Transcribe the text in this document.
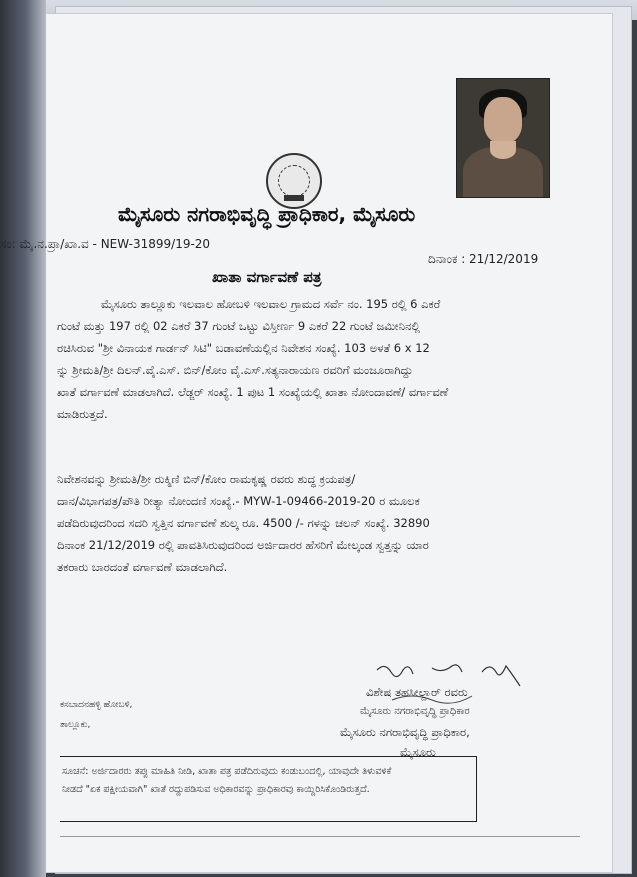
ಮೈಸೂರು ನಗರಾಭಿವೃದ್ಧಿ ಪ್ರಾಧಿಕಾರ, ಮೈಸೂರು
ಸಂ: ಮೈ.ನ.ಪ್ರಾ/ಖಾ.ವ - NEW-31899/19-20
ದಿನಾಂಕ : 21/12/2019
ಖಾತಾ ವರ್ಗಾವಣೆ ಪತ್ರ
ಮೈಸೂರು ತಾಲ್ಲೂಕು ಇಲವಾಲ ಹೋಬಳಿ ಇಲವಾಲ ಗ್ರಾಮದ ಸರ್ವೆ ನಂ. 195 ರಲ್ಲಿ 6 ಎಕರೆ
ಗುಂಟೆ ಮತ್ತು 197 ರಲ್ಲಿ 02 ಎಕರೆ 37 ಗುಂಟೆ ಒಟ್ಟು ವಿಸ್ತೀರ್ಣ 9 ಎಕರೆ 22 ಗುಂಟೆ ಜಮೀನಿನಲ್ಲಿ
ರಚಿಸಿರುವ "ಶ್ರೀ ವಿನಾಯಕ ಗಾರ್ಡನ್ ಸಿಟಿ" ಬಡಾವಣೆಯಲ್ಲಿನ ನಿವೇಶನ ಸಂಖ್ಯೆ. 103 ಅಳತೆ 6 x 12
ನ್ನು ಶ್ರೀಮತಿ/ಶ್ರೀ ದಿಲನ್.ವೈ.ಎಸ್. ಬಿನ್/ಕೋಂ ವೈ.ಎಸ್.ಸತ್ಯನಾರಾಯಣ ರವರಿಗೆ ಮಂಜೂರಾಗಿದ್ದು
ಖಾತೆ ವರ್ಗಾವಣೆ ಮಾಡಲಾಗಿದೆ. ಲೆಡ್ಜರ್ ಸಂಖ್ಯೆ. 1 ಪುಟ 1 ಸಂಖ್ಯೆಯಲ್ಲಿ ಖಾತಾ ನೋಂದಾವಣೆ/ ವರ್ಗಾವಣೆ
ಮಾಡಿರುತ್ತದೆ.
ನಿವೇಶನವನ್ನು ಶ್ರೀಮತಿ/ಶ್ರೀ ರುಕ್ಮಿಣಿ ಬಿನ್/ಕೋಂ ರಾಮಕೃಷ್ಣ ರವರು ಶುದ್ಧ ಕ್ರಯಪತ್ರ/
ದಾನ/ವಿಭಾಗಪತ್ರ/ಪೌತಿ ರೀತ್ಯಾ ನೋಂದಣಿ ಸಂಖ್ಯೆ.- MYW-1-09466-2019-20 ರ ಮೂಲಕ
ಪಡೆದಿರುವುದರಿಂದ ಸದರಿ ಸ್ವತ್ತಿನ ವರ್ಗಾವಣೆ ಶುಲ್ಕ ರೂ. 4500 /- ಗಳನ್ನು ಚಲನ್ ಸಂಖ್ಯೆ. 32890
ದಿನಾಂಕ 21/12/2019 ರಲ್ಲಿ ಪಾವತಿಸಿರುವುದರಿಂದ ಅರ್ಜಿದಾರರ ಹೆಸರಿಗೆ ಮೇಲ್ಕಂಡ ಸ್ವತ್ತನ್ನು ಯಾರ
ತಕರಾರು ಬಾರದಂತೆ ವರ್ಗಾವಣೆ ಮಾಡಲಾಗಿದೆ.
ವಿಶೇಷ ತಹಸೀಲ್ದಾರ್ ರವರು
ಮೈಸೂರು ನಗರಾಭಿವೃದ್ಧಿ ಪ್ರಾಧಿಕಾರ
ಮೈಸೂರು ನಗರಾಭಿವೃದ್ಧಿ ಪ್ರಾಧಿಕಾರ,
ಮೈಸೂರು
ಕಸಬಾದನಹಳ್ಳಿ ಹೋಬಳಿ,
ತಾಲ್ಲೂಕು,
ಸೂಚನೆ: ಅರ್ಜಿದಾರರು ತಪ್ಪು ಮಾಹಿತಿ ನೀಡಿ, ಖಾತಾ ಪತ್ರ ಪಡೆದಿರುವುದು ಕಂಡುಬಂದಲ್ಲಿ, ಯಾವುದೇ ತಿಳುವಳಿಕೆ
ನೀಡದೆ "ಏಕ ಪಕ್ಷೀಯವಾಗಿ" ಖಾತೆ ರದ್ದುಪಡಿಸುವ ಅಧಿಕಾರವನ್ನು ಪ್ರಾಧಿಕಾರವು ಕಾಯ್ದಿರಿಸಿಕೊಂಡಿರುತ್ತದೆ.
